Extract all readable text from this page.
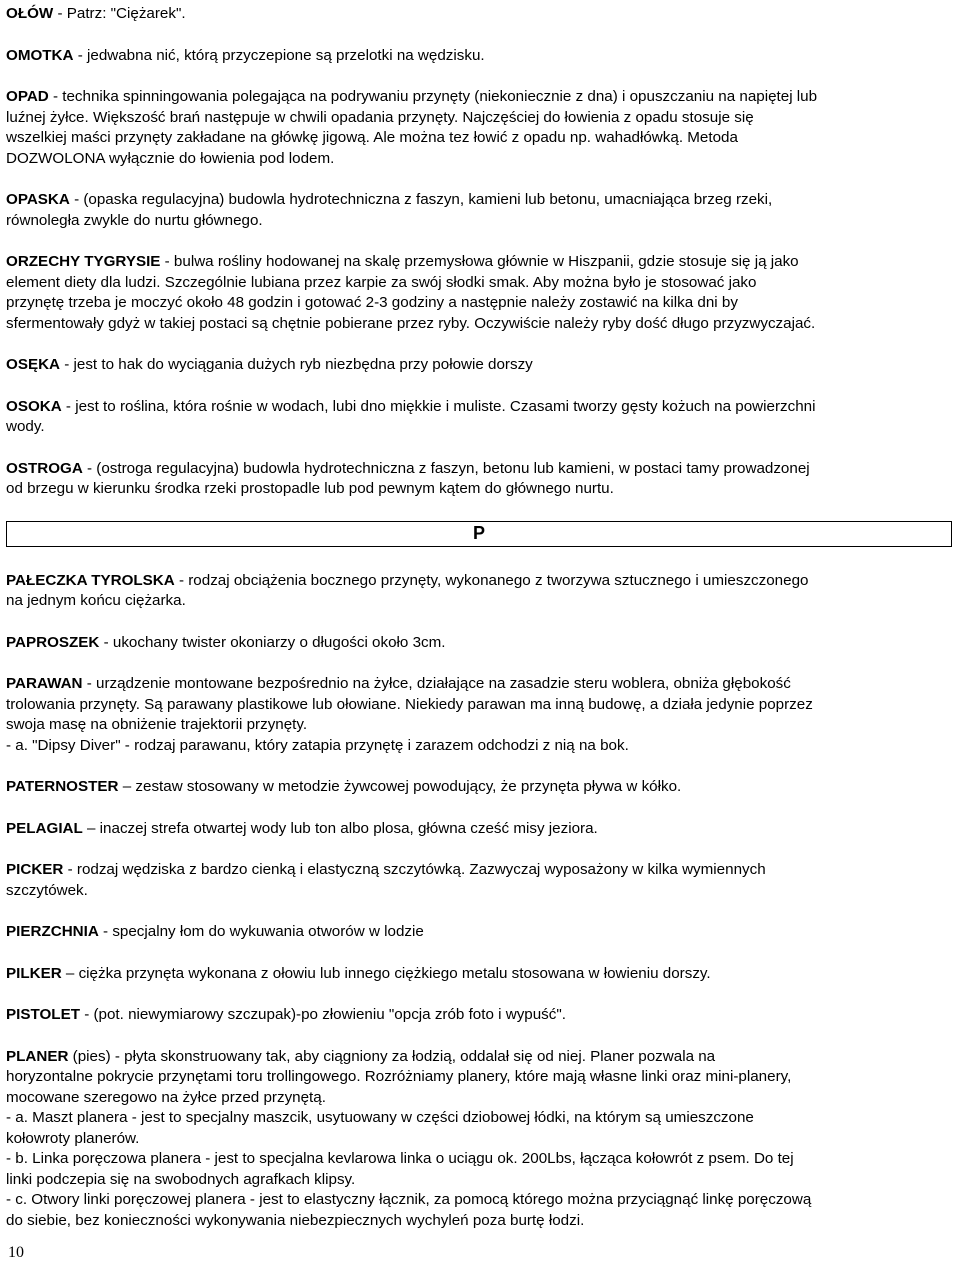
OŁÓW - Patrz: "Ciężarek".
OMOTKA - jedwabna nić, którą przyczepione są przelotki na wędzisku.
OPAD - technika spinningowania polegająca na podrywaniu przynęty (niekoniecznie z dna) i opuszczaniu na napiętej lub
luźnej żyłce. Większość brań następuje w chwili opadania przynęty. Najczęściej do łowienia z opadu stosuje się
wszelkiej maści przynęty zakładane na główkę jigową. Ale można tez łowić z opadu np. wahadłówką. Metoda
DOZWOLONA wyłącznie do łowienia pod lodem.
OPASKA - (opaska regulacyjna) budowla hydrotechniczna z faszyn, kamieni lub betonu, umacniająca brzeg rzeki,
równoległa zwykle do nurtu głównego.
ORZECHY TYGRYSIE - bulwa rośliny hodowanej na skalę przemysłowa głównie w Hiszpanii, gdzie stosuje się ją jako
element diety dla ludzi. Szczególnie lubiana przez karpie za swój słodki smak. Aby można było je stosować jako
przynętę trzeba je moczyć około 48 godzin i gotować 2-3 godziny a następnie należy zostawić na kilka dni by
sfermentowały gdyż w takiej postaci są chętnie pobierane przez ryby. Oczywiście należy ryby dość długo przyzwyczajać.
OSĘKA - jest to hak do wyciągania dużych ryb niezbędna przy połowie dorszy
OSOKA - jest to roślina, która rośnie w wodach, lubi dno miękkie i muliste. Czasami tworzy gęsty kożuch na powierzchni
wody.
OSTROGA - (ostroga regulacyjna) budowla hydrotechniczna z faszyn, betonu lub kamieni, w postaci tamy prowadzonej
od brzegu w kierunku środka rzeki prostopadle lub pod pewnym kątem do głównego nurtu.
P
PAŁECZKA TYROLSKA - rodzaj obciążenia bocznego przynęty, wykonanego z tworzywa sztucznego i umieszczonego
na jednym końcu ciężarka.
PAPROSZEK - ukochany twister okoniarzy o długości około 3cm.
PARAWAN - urządzenie montowane bezpośrednio na żyłce, działające na zasadzie steru woblera, obniża głębokość
trolowania przynęty. Są parawany plastikowe lub ołowiane. Niekiedy parawan ma inną budowę, a działa jedynie poprzez
swoja masę na obniżenie trajektorii przynęty.
- a. "Dipsy Diver" - rodzaj parawanu, który zatapia przynętę i zarazem odchodzi z nią na bok.
PATERNOSTER – zestaw stosowany w metodzie żywcowej powodujący, że przynęta pływa w kółko.
PELAGIAL – inaczej strefa otwartej wody lub ton albo plosa, główna cześć misy jeziora.
PICKER - rodzaj wędziska z bardzo cienką i elastyczną szczytówką. Zazwyczaj wyposażony w kilka wymiennych
szczytówek.
PIERZCHNIA - specjalny łom do wykuwania otworów w lodzie
PILKER – ciężka przynęta wykonana z ołowiu lub innego ciężkiego metalu stosowana w łowieniu dorszy.
PISTOLET - (pot. niewymiarowy szczupak)-po złowieniu "opcja zrób foto i wypuść".
PLANER (pies) - płyta skonstruowany tak, aby ciągniony za łodzią, oddalał się od niej. Planer pozwala na
horyzontalne pokrycie przynętami toru trollingowego. Rozróżniamy planery, które mają własne linki oraz mini-planery,
mocowane szeregowo na żyłce przed przynętą.
- a. Maszt planera - jest to specjalny maszcik, usytuowany w części dziobowej łódki, na którym są umieszczone
kołowroty planerów.
- b. Linka poręczowa planera - jest to specjalna kevlarowa linka o uciągu ok. 200Lbs, łącząca kołowrót z psem. Do tej
linki podczepia się na swobodnych agrafkach klipsy.
- c. Otwory linki poręczowej planera - jest to elastyczny łącznik, za pomocą którego można przyciągnąć linkę poręczową
do siebie, bez konieczności wykonywania niebezpiecznych wychyleń poza burtę łodzi.
10
